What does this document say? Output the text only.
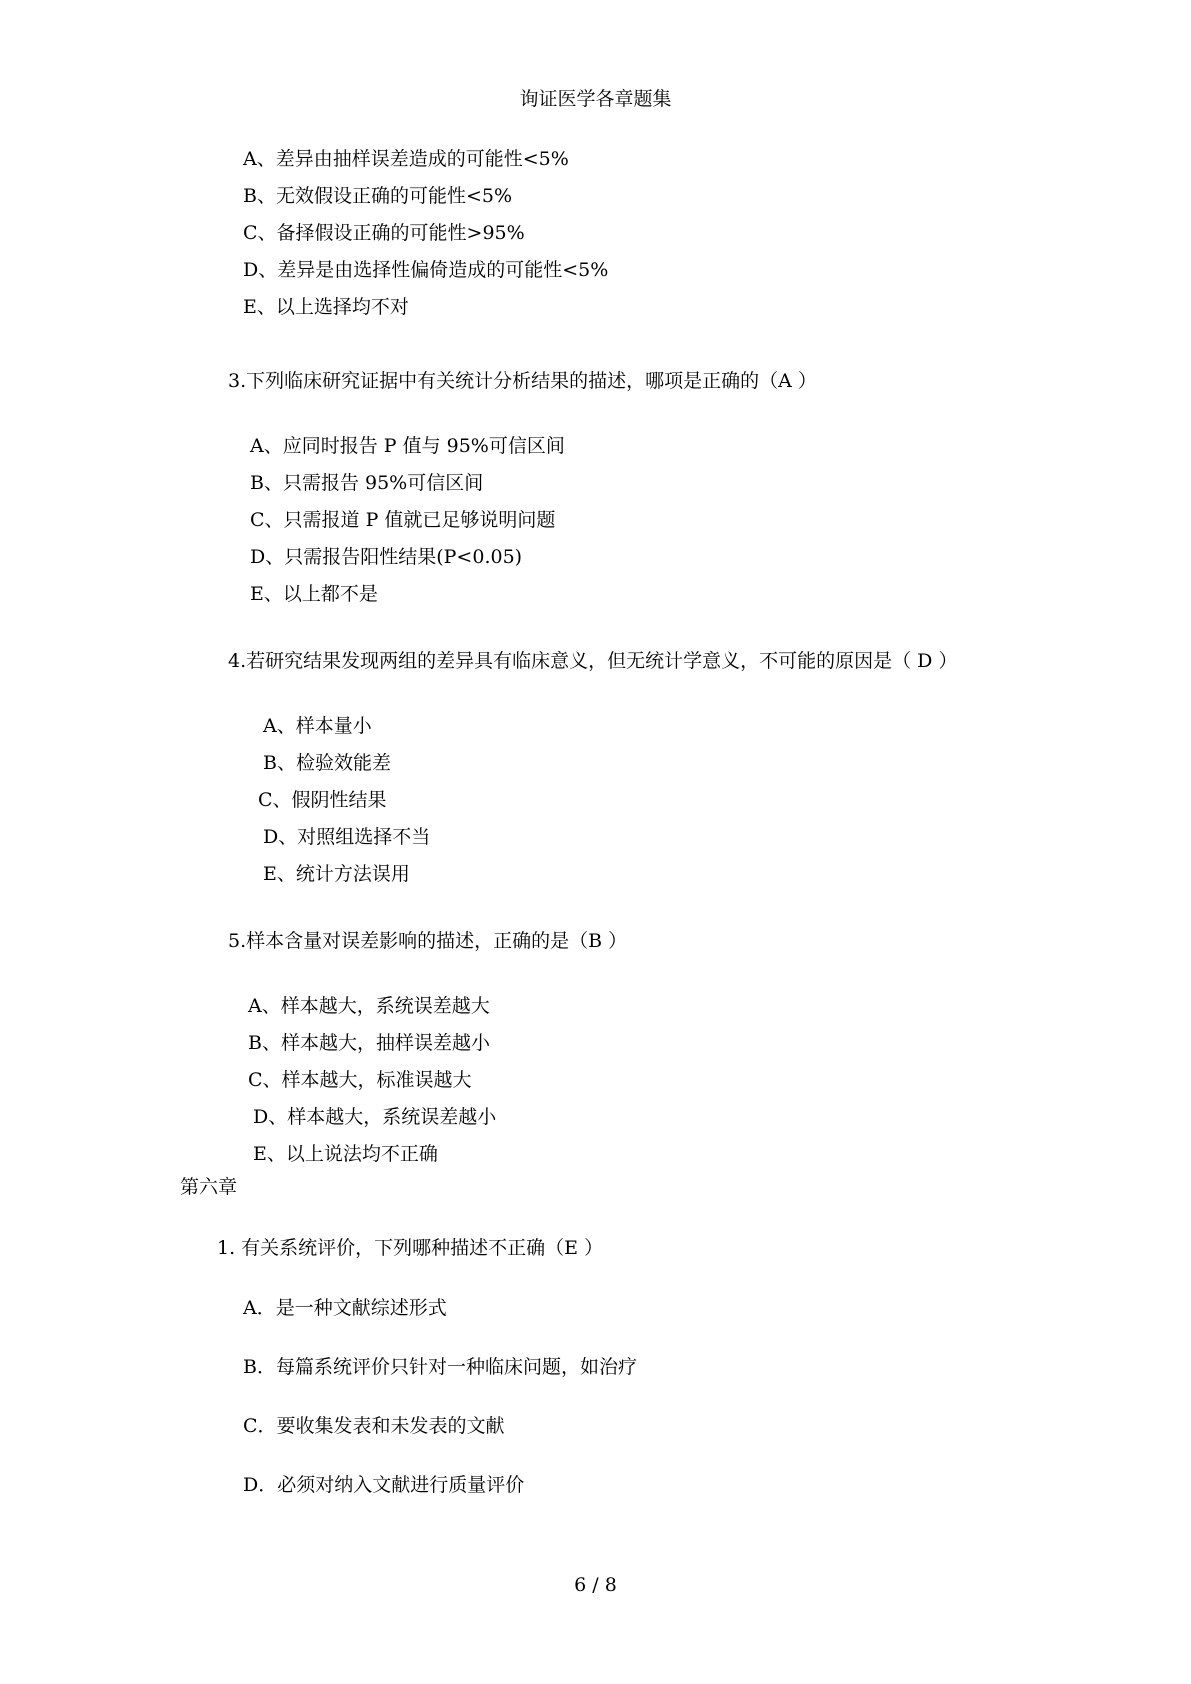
询证医学各章题集
A、差异由抽样误差造成的可能性<5%
B、无效假设正确的可能性<5%
C、备择假设正确的可能性>95%
D、差异是由选择性偏倚造成的可能性<5%
E、以上选择均不对
3.下列临床研究证据中有关统计分析结果的描述，哪项是正确的（A ）
A、应同时报告 P 值与 95%可信区间
B、只需报告 95%可信区间
C、只需报道 P 值就已足够说明问题
D、只需报告阳性结果(P<0.05)
E、以上都不是
4.若研究结果发现两组的差异具有临床意义，但无统计学意义，不可能的原因是（ D ）
A、样本量小
B、检验效能差
C、假阴性结果
D、对照组选择不当
E、统计方法误用
5.样本含量对误差影响的描述，正确的是（B ）
A、样本越大，系统误差越大
B、样本越大，抽样误差越小
C、样本越大，标准误越大
D、样本越大，系统误差越小
E、以上说法均不正确
第六章
1. 有关系统评价，下列哪种描述不正确（E ）
A．是一种文献综述形式
B．每篇系统评价只针对一种临床问题，如治疗
C．要收集发表和未发表的文献
D．必须对纳入文献进行质量评价
6 / 8
